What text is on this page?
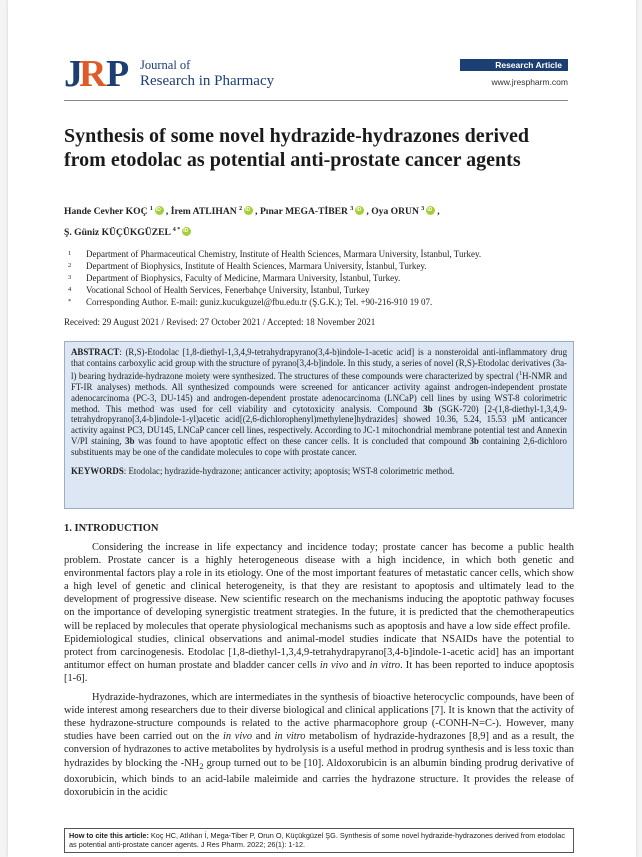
J
R P Journal of
Research in Pharmacy
Research Article
www.jrespharm.com
Synthesis of some novel hydrazide-hydrazones derived from etodolac as potential anti-prostate cancer agents
Hande Cevher KOÇ $^1$ iD , İrem ATLIHAN $^2$ iD , Pınar MEGA-TİBER $^3$ iD , Oya ORUN $^3$ iD ,
Ş. Güniz KÜÇÜKGÜZEL $^{4 *}$iD
1	Department of Pharmaceutical Chemistry, Institute of Health Sciences, Marmara University, İstanbul, Turkey.
2	Department of Biophysics, Institute of Health Sciences, Marmara University, İstanbul, Turkey.
3	Department of Biophysics, Faculty of Medicine, Marmara University, İstanbul, Turkey.
4	Vocational School of Health Services, Fenerbahçe University, İstanbul, Turkey
*	Corresponding Author. E-mail: guniz.kucukguzel@fbu.edu.tr (Ş.G.K.); Tel. +90-216-910 19 07.
Received: 29 August 2021 / Revised: 27 October 2021 / Accepted: 18 November 2021

ABSTRACT: (R,S)-Etodolac [1,8-diethyl-1,3,4,9-tetrahydrapyrano(3,4-b)indole-1-acetic acid] is a nonsteroidal anti-inflammatory drug that contains carboxylic acid group with the structure of pyrano[3,4-b]indole. In this study, a series of novel (R,S)-Etodolac derivatives (3a-l) bearing hydrazide-hydrazone moiety were synthesized. The structures of these compounds were characterized by spectral ($^1$H-NMR and FT-IR analyses) methods. All synthesized compounds were screened for anticancer activity against androgen-independent prostate adenocarcinoma (PC-3, DU-145) and androgen-dependent prostate adenocarcinoma (LNCaP) cell lines by using WST-8 colorimetric method. This method was used for cell viability and cytotoxicity analysis. Compound 3b (SGK-720) [2-(1,8-diethyl-1,3,4,9-tetrahydropyrano[3,4-b]indole-1-yl)acetic acid[(2,6-dichlorophenyl)methylene]hydrazides] showed 10.36, 5.24, 15.53 µM anticancer activity against PC3, DU145, LNCaP cancer cell lines, respectively. According to JC-1 mitochondrial membrane potential test and Annexin V/PI staining, 3b was found to have apoptotic effect on these cancer cells. It is concluded that compound 3b containing 2,6-dichloro substituents may be one of the candidate molecules to cope with prostate cancer.

KEYWORDS: Etodolac; hydrazide-hydrazone; anticancer activity; apoptosis; WST-8 colorimetric method.

1. INTRODUCTION

Considering the increase in life expectancy and incidence today; prostate cancer has become a public health problem. Prostate cancer is a highly heterogeneous disease with a high incidence, in which both genetic and environmental factors play a role in its etiology. One of the most important features of metastatic cancer cells, which show a high level of genetic and clinical heterogeneity, is that they are resistant to apoptosis and ultimately lead to the development of progressive disease. New scientific research on the mechanisms inducing the apoptotic pathway focuses on the importance of developing synergistic treatment strategies. In the future, it is predicted that the chemotherapeutics will be replaced by molecules that operate physiological mechanisms such as apoptosis and have a low side effect profile.

Epidemiological studies, clinical observations and animal-model studies indicate that NSAIDs have the potential to protect from carcinogenesis. Etodolac [1,8-diethyl-1,3,4,9-tetrahydrapyrano[3,4-b]indole-1-acetic acid] has an important antitumor effect on human prostate and bladder cancer cells in vivo and in vitro. It has been reported to induce apoptosis [1-6].

Hydrazide-hydrazones, which are intermediates in the synthesis of bioactive heterocyclic compounds, have been of wide interest among researchers due to their diverse biological and clinical applications [7]. It is known that the activity of these hydrazone-structure compounds is related to the active pharmacophore group (-CONH-N=C-). However, many studies have been carried out on the in vivo and in vitro metabolism of hydrazide-hydrazones [8,9] and as a result, the conversion of hydrazones to active metabolites by hydrolysis is a useful method in prodrug synthesis and is less toxic than hydrazides by blocking the $-NH_2$ group turned out to be [10]. Aldoxorubicin is an albumin binding prodrug derivative of doxorubicin, which binds to an acid-labile maleimide and carries the hydrazone structure. It provides the release of doxorubicin in the acidic

How to cite this article: Koç HC, Atlıhan İ, Mega-Tiber P, Orun O, Küçükgüzel ŞG. Synthesis of some novel hydrazide-hydrazones derived from etodolac as potential anti-prostate cancer agents. J Res Pharm. 2022; 26(1): 1-12.
